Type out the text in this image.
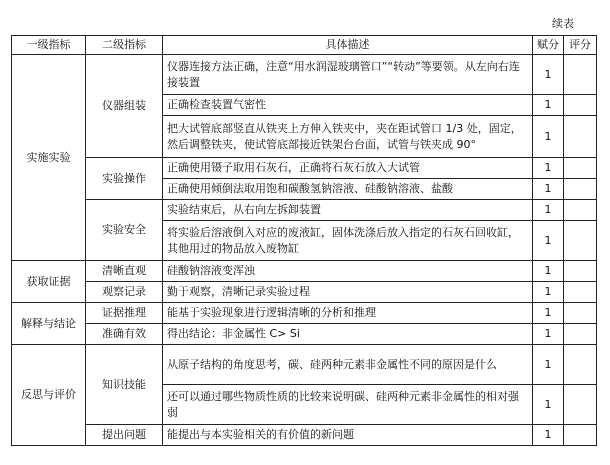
续表
一级指标	二级指标	具体描述	赋分	评分
实施实验	仪器组装	仪器连接方法正确，注意“用水润湿玻璃管口”“转动”等要领。从左向右连接装置	1	
		正确检查装置气密性	1	
		把大试管底部竖直从铁夹上方伸入铁夹中，夹在距试管口 1/3 处，固定，然后调整铁夹，使试管底部接近铁架台台面，试管与铁夹成 90°	1	
	实验操作	正确使用镊子取用石灰石，正确将石灰石放入大试管	1	
		正确使用倾倒法取用饱和碳酸氢钠溶液、硅酸钠溶液、盐酸	1	
	实验安全	实验结束后，从右向左拆卸装置	1	
		将实验后溶液倒入对应的废液缸，固体洗涤后放入指定的石灰石回收缸，其他用过的物品放入废物缸	1	
获取证据	清晰直观	硅酸钠溶液变浑浊	1	
	观察记录	勤于观察，清晰记录实验过程	1	
解释与结论	证据推理	能基于实验现象进行逻辑清晰的分析和推理	1	
	准确有效	得出结论：非金属性 C> Si	1	
反思与评价	知识技能	从原子结构的角度思考，碳、硅两种元素非金属性不同的原因是什么	1	
		还可以通过哪些物质性质的比较来说明碳、硅两种元素非金属性的相对强弱	1	
	提出问题	能提出与本实验相关的有价值的新问题	1	
